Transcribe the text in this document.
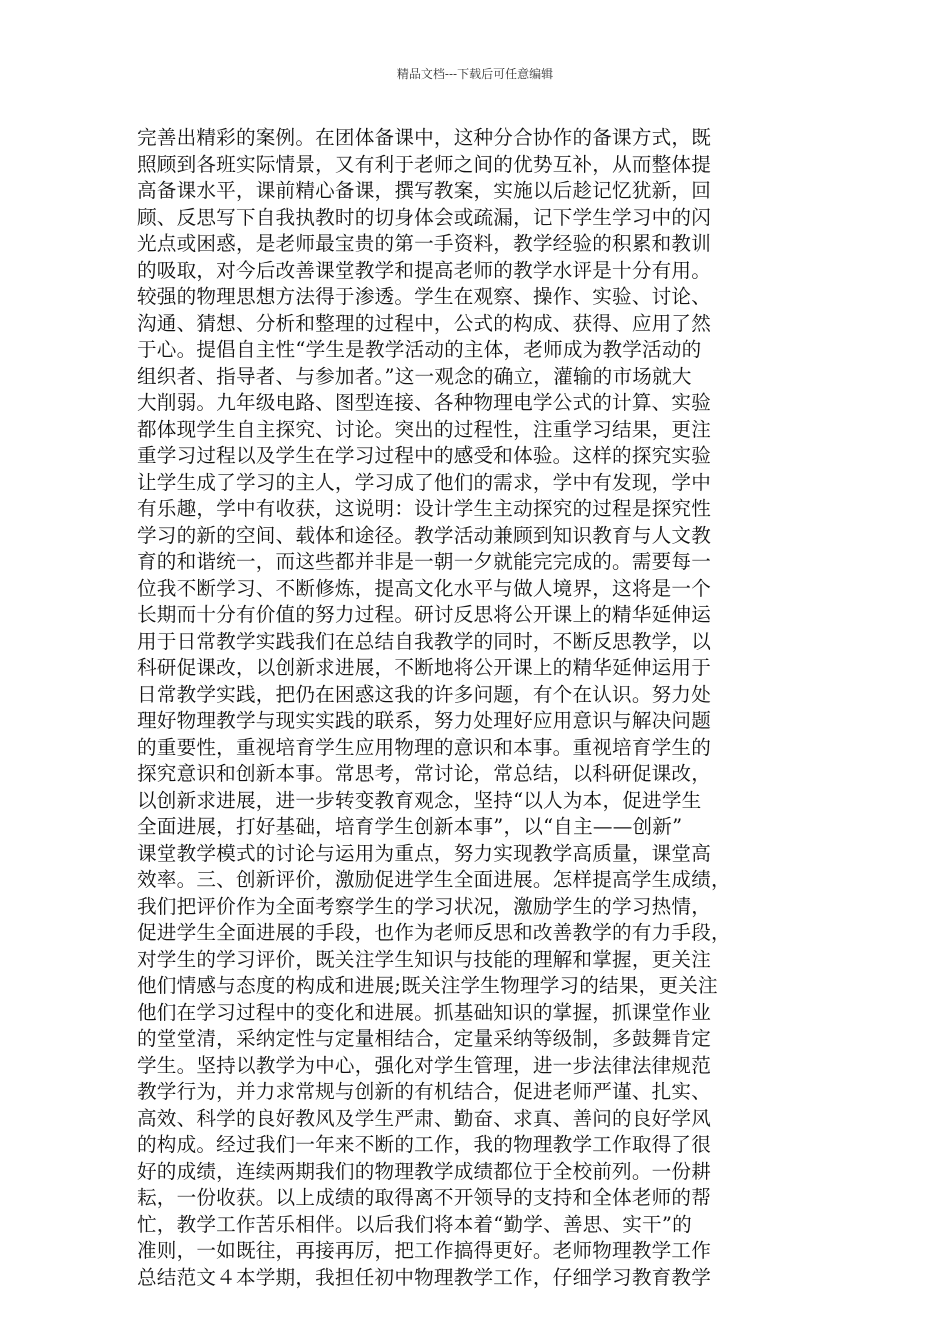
精品文档---下载后可任意编辑
完善出精彩的案例。在团体备课中，这种分合协作的备课方式，既
照顾到各班实际情景，又有利于老师之间的优势互补，从而整体提
高备课水平，课前精心备课，撰写教案，实施以后趁记忆犹新，回
顾、反思写下自我执教时的切身体会或疏漏，记下学生学习中的闪
光点或困惑，是老师最宝贵的第一手资料，教学经验的积累和教训
的吸取，对今后改善课堂教学和提高老师的教学水评是十分有用。
较强的物理思想方法得于渗透。学生在观察、操作、实验、讨论、
沟通、猜想、分析和整理的过程中，公式的构成、获得、应用了然
于心。提倡自主性“学生是教学活动的主体，老师成为教学活动的
组织者、指导者、与参加者。”这一观念的确立，灌输的市场就大
大削弱。九年级电路、图型连接、各种物理电学公式的计算、实验
都体现学生自主探究、讨论。突出的过程性，注重学习结果，更注
重学习过程以及学生在学习过程中的感受和体验。这样的探究实验
让学生成了学习的主人，学习成了他们的需求，学中有发现，学中
有乐趣，学中有收获，这说明：设计学生主动探究的过程是探究性
学习的新的空间、载体和途径。教学活动兼顾到知识教育与人文教
育的和谐统一，而这些都并非是一朝一夕就能完完成的。需要每一
位我不断学习、不断修炼，提高文化水平与做人境界，这将是一个
长期而十分有价值的努力过程。研讨反思将公开课上的精华延伸运
用于日常教学实践我们在总结自我教学的同时，不断反思教学，以
科研促课改，以创新求进展，不断地将公开课上的精华延伸运用于
日常教学实践，把仍在困惑这我的许多问题，有个在认识。努力处
理好物理教学与现实实践的联系，努力处理好应用意识与解决问题
的重要性，重视培育学生应用物理的意识和本事。重视培育学生的
探究意识和创新本事。常思考，常讨论，常总结，以科研促课改，
以创新求进展，进一步转变教育观念，坚持“以人为本，促进学生
全面进展，打好基础，培育学生创新本事”，以“自主——创新”
课堂教学模式的讨论与运用为重点，努力实现教学高质量，课堂高
效率。三、创新评价，激励促进学生全面进展。怎样提高学生成绩，
我们把评价作为全面考察学生的学习状况，激励学生的学习热情，
促进学生全面进展的手段，也作为老师反思和改善教学的有力手段，
对学生的学习评价，既关注学生知识与技能的理解和掌握，更关注
他们情感与态度的构成和进展;既关注学生物理学习的结果，更关注
他们在学习过程中的变化和进展。抓基础知识的掌握，抓课堂作业
的堂堂清，采纳定性与定量相结合，定量采纳等级制，多鼓舞肯定
学生。坚持以教学为中心，强化对学生管理，进一步法律法律规范
教学行为，并力求常规与创新的有机结合，促进老师严谨、扎实、
高效、科学的良好教风及学生严肃、勤奋、求真、善问的良好学风
的构成。经过我们一年来不断的工作，我的物理教学工作取得了很
好的成绩，连续两期我们的物理教学成绩都位于全校前列。一份耕
耘，一份收获。以上成绩的取得离不开领导的支持和全体老师的帮
忙，教学工作苦乐相伴。以后我们将本着“勤学、善思、实干”的
准则，一如既往，再接再厉，把工作搞得更好。老师物理教学工作
总结范文４本学期，我担任初中物理教学工作，仔细学习教育教学
